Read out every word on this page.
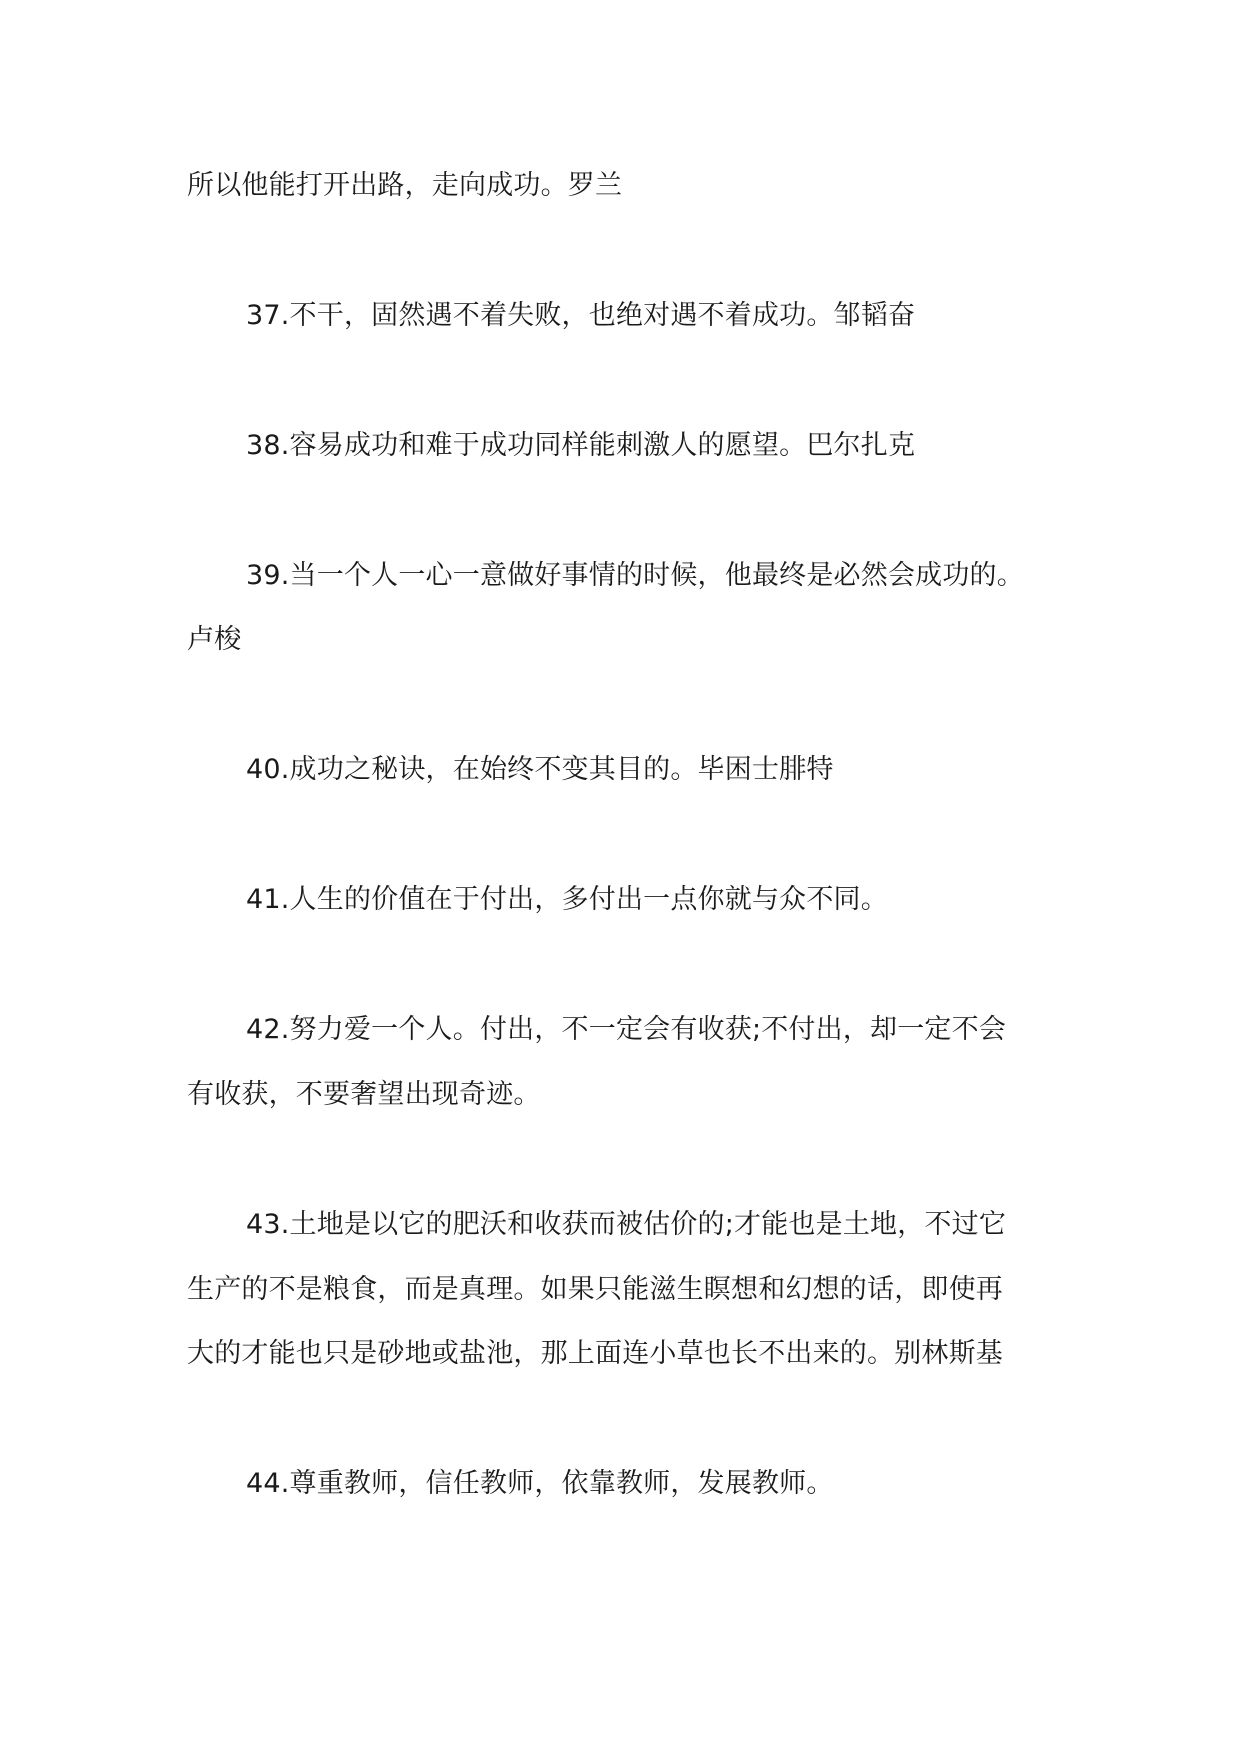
所以他能打开出路，走向成功。罗兰
37.不干，固然遇不着失败，也绝对遇不着成功。邹韬奋
38.容易成功和难于成功同样能刺激人的愿望。巴尔扎克
39.当一个人一心一意做好事情的时候，他最终是必然会成功的。
卢梭
40.成功之秘诀，在始终不变其目的。毕困士腓特
41.人生的价值在于付出，多付出一点你就与众不同。
42.努力爱一个人。付出，不一定会有收获;不付出，却一定不会
有收获，不要奢望出现奇迹。
43.土地是以它的肥沃和收获而被估价的;才能也是土地，不过它
生产的不是粮食，而是真理。如果只能滋生瞑想和幻想的话，即使再
大的才能也只是砂地或盐池，那上面连小草也长不出来的。别林斯基
44.尊重教师，信任教师，依靠教师，发展教师。
